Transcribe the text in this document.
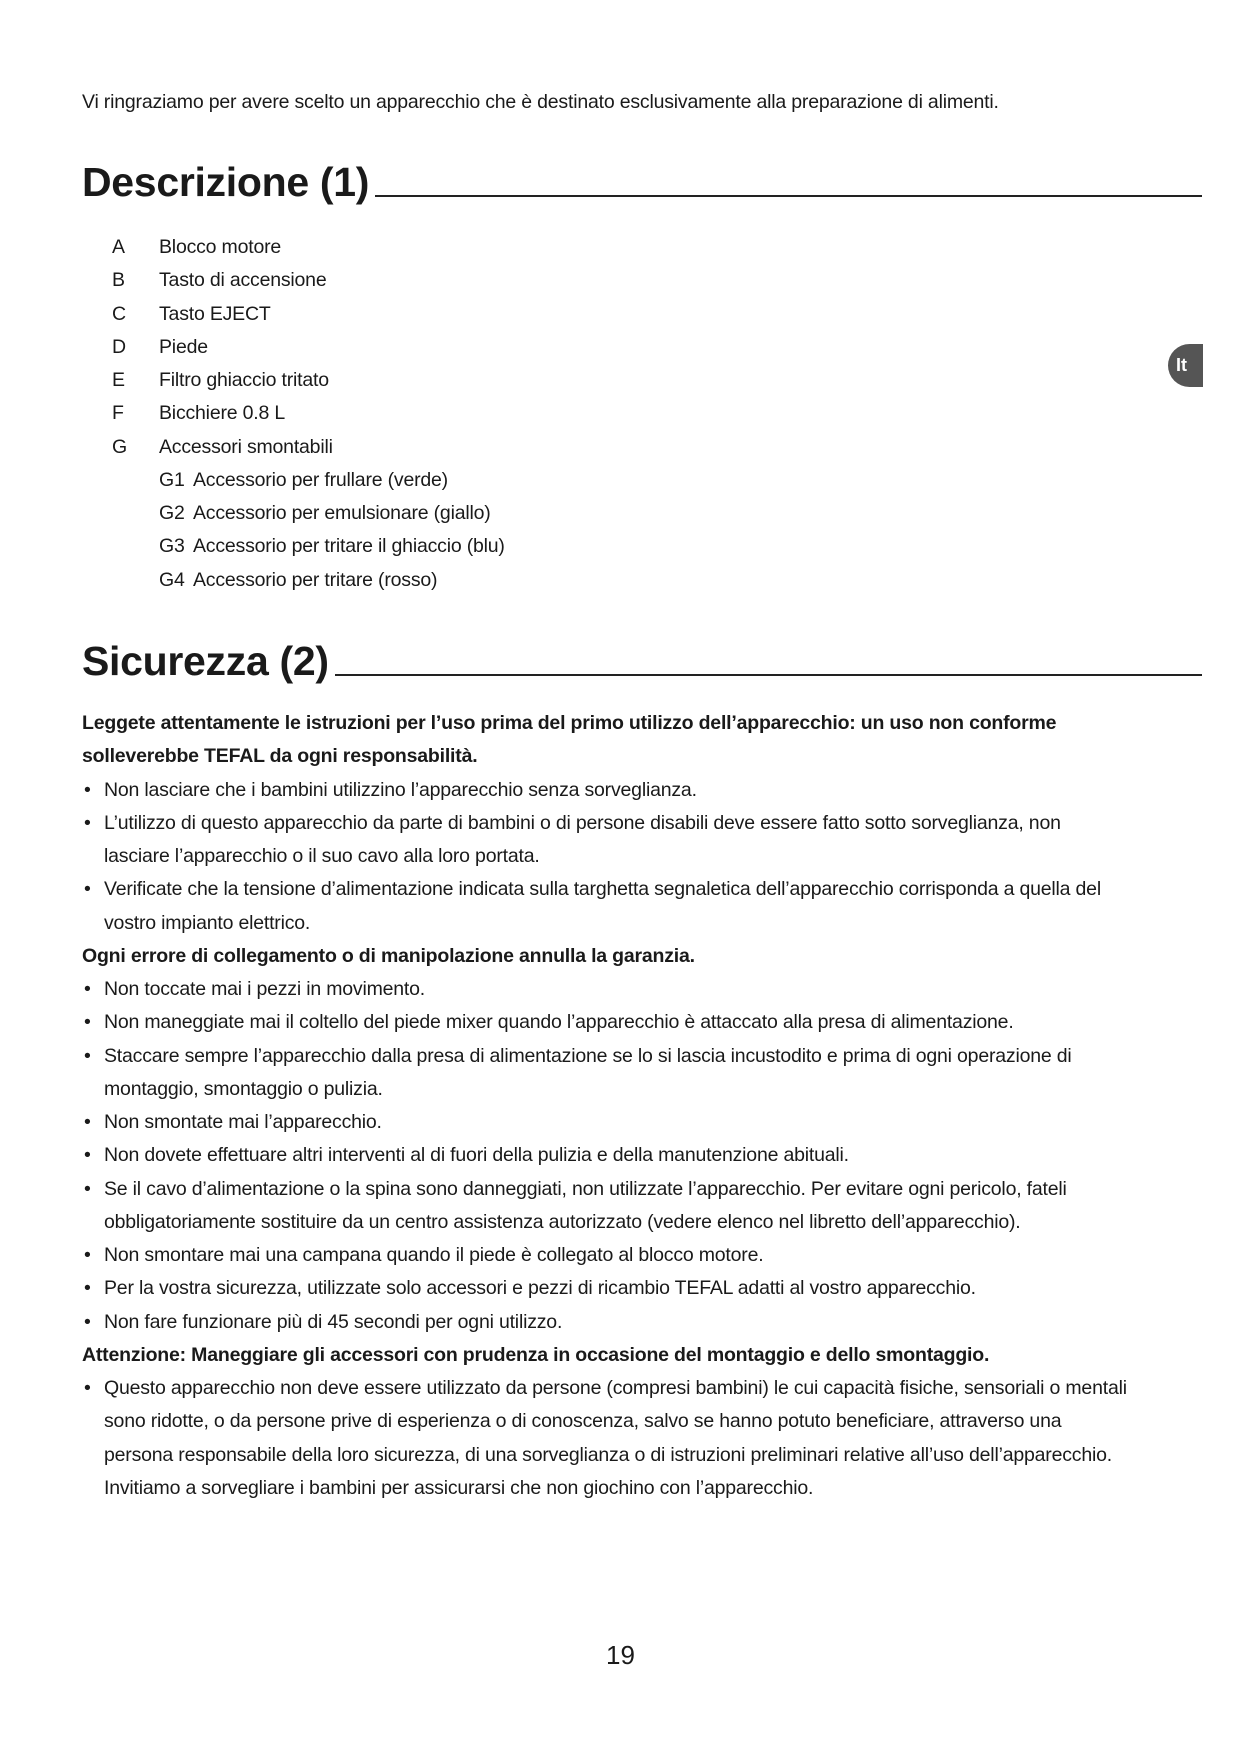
Vi ringraziamo per avere scelto un apparecchio che è destinato esclusivamente alla preparazione di alimenti.
Descrizione (1)
A	Blocco motore
B	Tasto di accensione
C	Tasto EJECT
D	Piede
E	Filtro ghiaccio tritato
F	Bicchiere 0.8 L
G	Accessori smontabili
G1 Accessorio per frullare (verde)
G2 Accessorio per emulsionare (giallo)
G3 Accessorio per tritare il ghiaccio (blu)
G4 Accessorio per tritare (rosso)
It
Sicurezza (2)
Leggete attentamente le istruzioni per l’uso prima del primo utilizzo dell’apparecchio: un uso non conforme
solleverebbe TEFAL da ogni responsabilità.
• Non lasciare che i bambini utilizzino l’apparecchio senza sorveglianza.
• L’utilizzo di questo apparecchio da parte di bambini o di persone disabili deve essere fatto sotto sorveglianza, non
lasciare l’apparecchio o il suo cavo alla loro portata.
• Verificate che la tensione d’alimentazione indicata sulla targhetta segnaletica dell’apparecchio corrisponda a quella del
vostro impianto elettrico.
Ogni errore di collegamento o di manipolazione annulla la garanzia.
• Non toccate mai i pezzi in movimento.
• Non maneggiate mai il coltello del piede mixer quando l’apparecchio è attaccato alla presa di alimentazione.
• Staccare sempre l’apparecchio dalla presa di alimentazione se lo si lascia incustodito e prima di ogni operazione di
montaggio, smontaggio o pulizia.
• Non smontate mai l’apparecchio.
• Non dovete effettuare altri interventi al di fuori della pulizia e della manutenzione abituali.
• Se il cavo d’alimentazione o la spina sono danneggiati, non utilizzate l’apparecchio. Per evitare ogni pericolo, fateli
obbligatoriamente sostituire da un centro assistenza autorizzato (vedere elenco nel libretto dell’apparecchio).
• Non smontare mai una campana quando il piede è collegato al blocco motore.
• Per la vostra sicurezza, utilizzate solo accessori e pezzi di ricambio TEFAL adatti al vostro apparecchio.
• Non fare funzionare più di 45 secondi per ogni utilizzo.
Attenzione: Maneggiare gli accessori con prudenza in occasione del montaggio e dello smontaggio.
• Questo apparecchio non deve essere utilizzato da persone (compresi bambini) le cui capacità fisiche, sensoriali o mentali
sono ridotte, o da persone prive di esperienza o di conoscenza, salvo se hanno potuto beneficiare, attraverso una
persona responsabile della loro sicurezza, di una sorveglianza o di istruzioni preliminari relative all’uso dell’apparecchio.
Invitiamo a sorvegliare i bambini per assicurarsi che non giochino con l’apparecchio.
19
